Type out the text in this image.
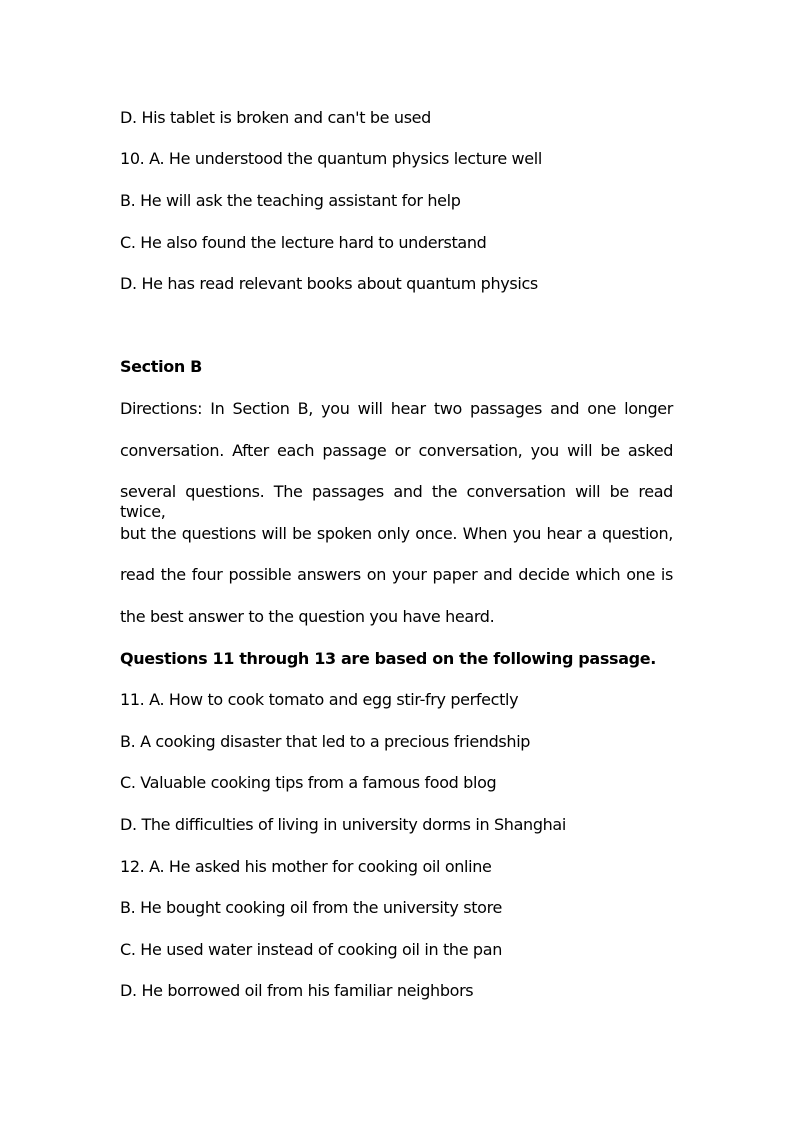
D. His tablet is broken and can't be used
10. A. He understood the quantum physics lecture well
B. He will ask the teaching assistant for help
C. He also found the lecture hard to understand
D. He has read relevant books about quantum physics
Section B
Directions: In Section B, you will hear two passages and one longer
conversation. After each passage or conversation, you will be asked
several questions. The passages and the conversation will be read twice,
but the questions will be spoken only once. When you hear a question,
read the four possible answers on your paper and decide which one is
the best answer to the question you have heard.
Questions 11 through 13 are based on the following passage.
11. A. How to cook tomato and egg stir-fry perfectly
B. A cooking disaster that led to a precious friendship
C. Valuable cooking tips from a famous food blog
D. The difficulties of living in university dorms in Shanghai
12. A. He asked his mother for cooking oil online
B. He bought cooking oil from the university store
C. He used water instead of cooking oil in the pan
D. He borrowed oil from his familiar neighbors
